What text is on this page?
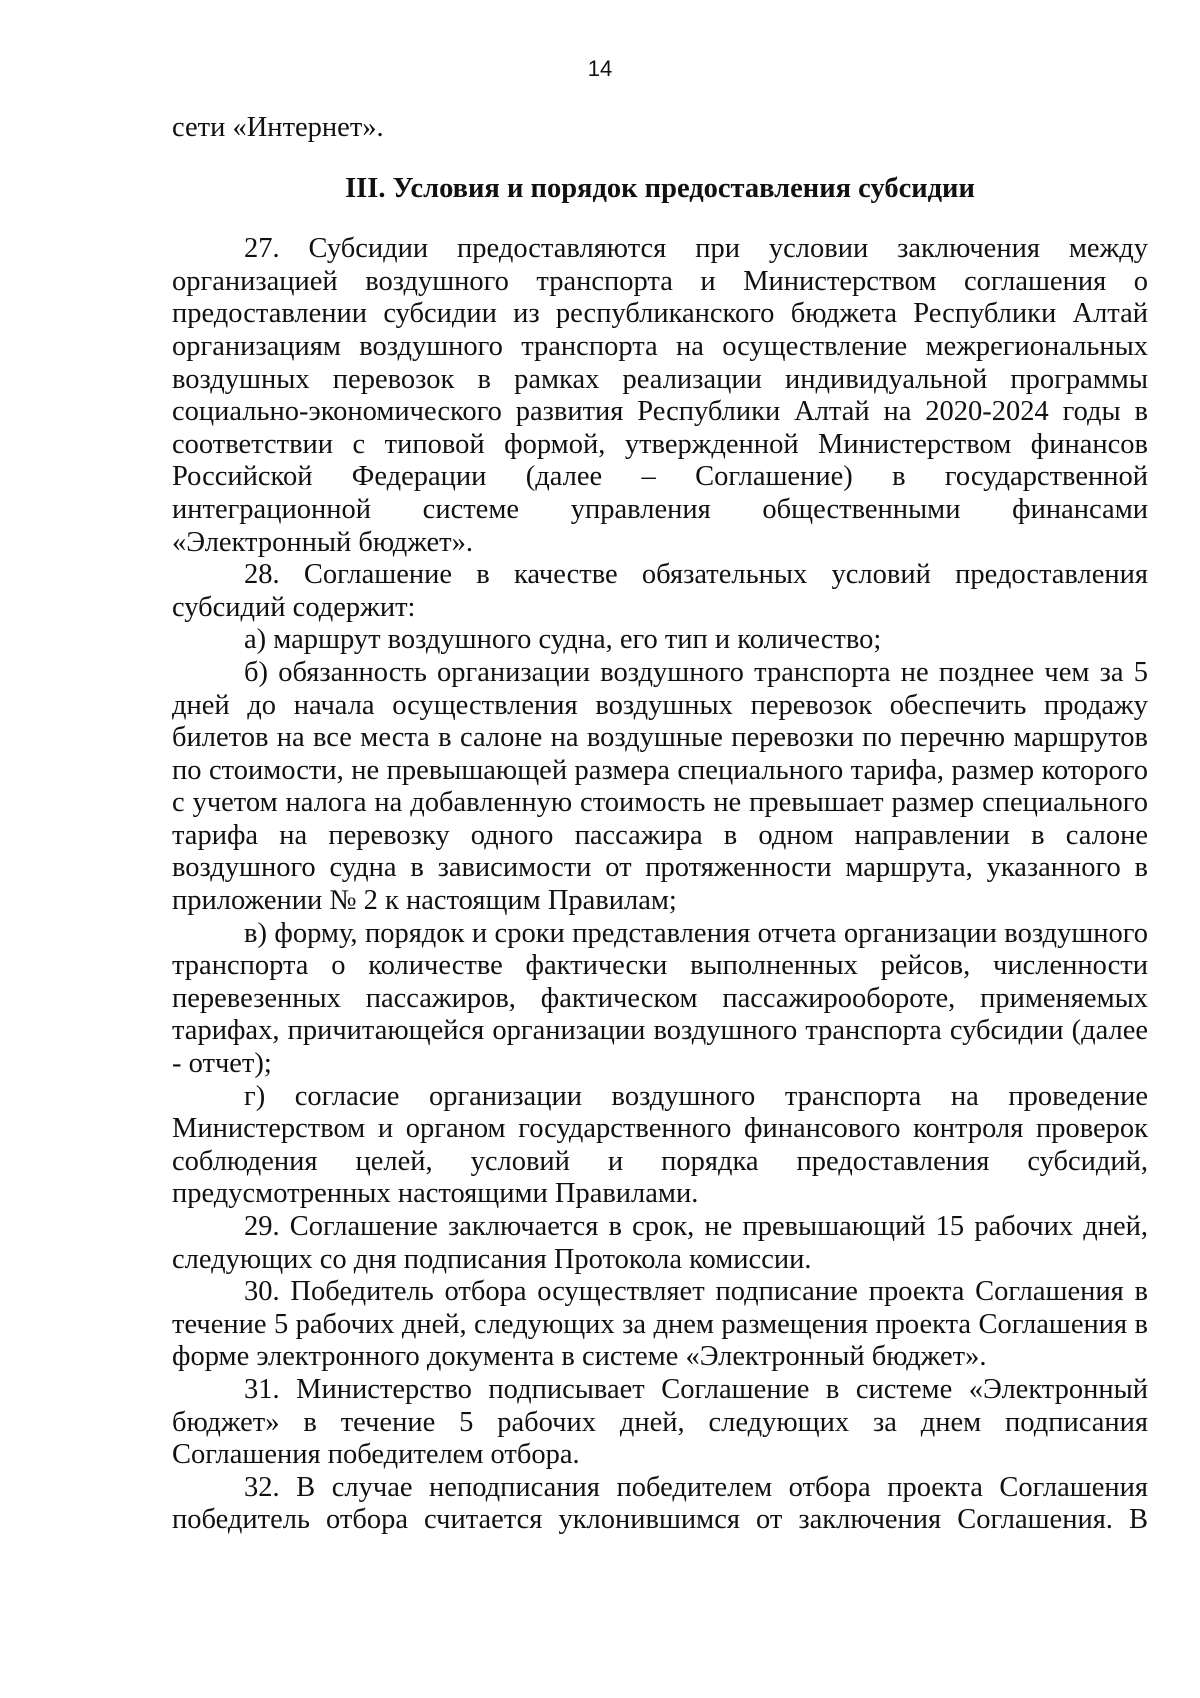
14
сети «Интернет».
III. Условия и порядок предоставления субсидии
27. Субсидии предоставляются при условии заключения между
организацией воздушного транспорта и Министерством соглашения о
предоставлении субсидии из республиканского бюджета Республики Алтай
организациям воздушного транспорта на осуществление межрегиональных
воздушных перевозок в рамках реализации индивидуальной программы
социально-экономического развития Республики Алтай на 2020-2024 годы в
соответствии с типовой формой, утвержденной Министерством финансов
Российской Федерации (далее – Соглашение) в государственной
интеграционной системе управления общественными финансами
«Электронный бюджет».
28. Соглашение в качестве обязательных условий предоставления
субсидий содержит:
а) маршрут воздушного судна, его тип и количество;
б) обязанность организации воздушного транспорта не позднее чем за 5
дней до начала осуществления воздушных перевозок обеспечить продажу
билетов на все места в салоне на воздушные перевозки по перечню маршрутов
по стоимости, не превышающей размера специального тарифа, размер которого
с учетом налога на добавленную стоимость не превышает размер специального
тарифа на перевозку одного пассажира в одном направлении в салоне
воздушного судна в зависимости от протяженности маршрута, указанного в
приложении № 2 к настоящим Правилам;
в) форму, порядок и сроки представления отчета организации воздушного
транспорта о количестве фактически выполненных рейсов, численности
перевезенных пассажиров, фактическом пассажирообороте, применяемых
тарифах, причитающейся организации воздушного транспорта субсидии (далее
- отчет);
г) согласие организации воздушного транспорта на проведение
Министерством и органом государственного финансового контроля проверок
соблюдения целей, условий и порядка предоставления субсидий,
предусмотренных настоящими Правилами.
29. Соглашение заключается в срок, не превышающий 15 рабочих дней,
следующих со дня подписания Протокола комиссии.
30. Победитель отбора осуществляет подписание проекта Соглашения в
течение 5 рабочих дней, следующих за днем размещения проекта Соглашения в
форме электронного документа в системе «Электронный бюджет».
31. Министерство подписывает Соглашение в системе «Электронный
бюджет» в течение 5 рабочих дней, следующих за днем подписания
Соглашения победителем отбора.
32. В случае неподписания победителем отбора проекта Соглашения
победитель отбора считается уклонившимся от заключения Соглашения. В
